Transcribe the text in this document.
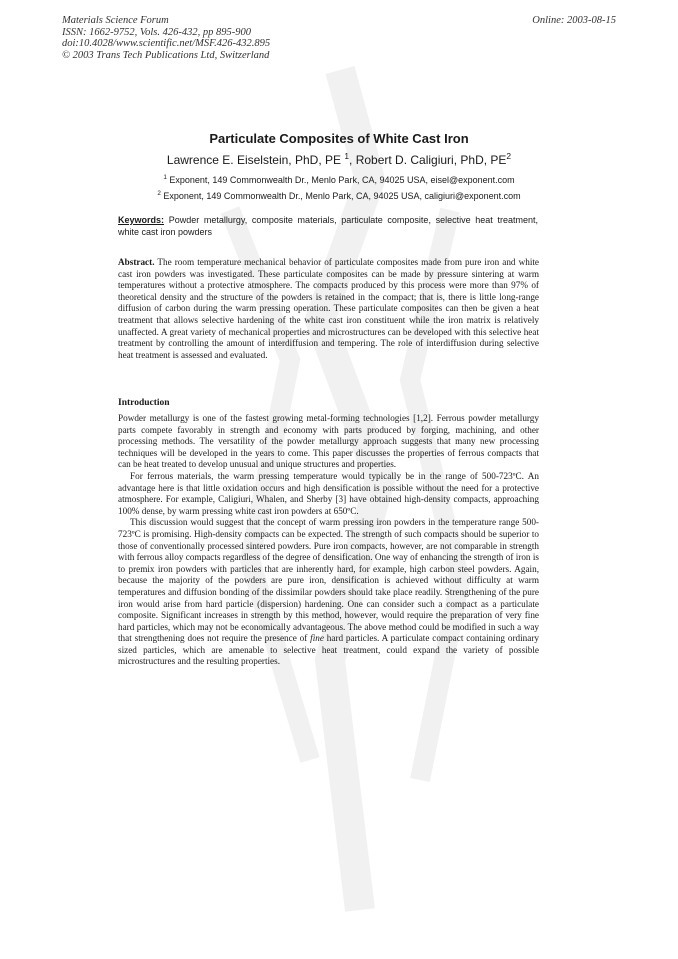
Materials Science Forum
ISSN: 1662-9752, Vols. 426-432, pp 895-900
doi:10.4028/www.scientific.net/MSF.426-432.895
© 2003 Trans Tech Publications Ltd, Switzerland
Online: 2003-08-15
Particulate Composites of White Cast Iron
Lawrence E. Eiselstein, PhD, PE $^1$, Robert D. Caligiuri, PhD, $PE^2$
$^1$ Exponent, 149 Commonwealth Dr., Menlo Park, CA, 94025 USA, eisel@exponent.com
$^2$ Exponent, 149 Commonwealth Dr., Menlo Park, CA, 94025 USA, caligiuri@exponent.com
Keywords: Powder metallurgy, composite materials, particulate composite, selective heat treatment, white cast iron powders

Abstract. The room temperature mechanical behavior of particulate composites made from pure iron and white cast iron powders was investigated. These particulate composites can be made by pressure sintering at warm temperatures without a protective atmosphere. The compacts produced by this process were more than 97% of theoretical density and the structure of the powders is retained in the compact; that is, there is little long-range diffusion of carbon during the warm pressing operation. These particulate composites can then be given a heat treatment that allows selective hardening of the white cast iron constituent while the iron matrix is relatively unaffected. A great variety of mechanical properties and microstructures can be developed with this selective heat treatment by controlling the amount of interdiffusion and tempering. The role of interdiffusion during selective heat treatment is assessed and evaluated.

Introduction

Powder metallurgy is one of the fastest growing metal-forming technologies [1,2]. Ferrous powder metallurgy parts compete favorably in strength and economy with parts produced by forging, machining, and other processing methods. The versatility of the powder metallurgy approach suggests that many new processing techniques will be developed in the years to come. This paper discusses the properties of ferrous compacts that can be heat treated to develop unusual and unique structures and properties.

For ferrous materials, the warm pressing temperature would typically be in the range of 500-723ºC. An advantage here is that little oxidation occurs and high densification is possible without the need for a protective atmosphere. For example, Caligiuri, Whalen, and Sherby [3] have obtained high-density compacts, approaching 100% dense, by warm pressing white cast iron powders at 650ºC.

This discussion would suggest that the concept of warm pressing iron powders in the temperature range 500-723ºC is promising. High-density compacts can be expected. The strength of such compacts should be superior to those of conventionally processed sintered powders. Pure iron compacts, however, are not comparable in strength with ferrous alloy compacts regardless of the degree of densification. One way of enhancing the strength of iron is to premix iron powders with particles that are inherently hard, for example, high carbon steel powders. Again, because the majority of the powders are pure iron, densification is achieved without difficulty at warm temperatures and diffusion bonding of the dissimilar powders should take place readily. Strengthening of the pure iron would arise from hard particle (dispersion) hardening. One can consider such a compact as a particulate composite. Significant increases in strength by this method, however, would require the preparation of very fine hard particles, which may not be economically advantageous. The above method could be modified in such a way that strengthening does not require the presence of fine hard particles. A particulate compact containing ordinary sized particles, which are amenable to selective heat treatment, could expand the variety of possible microstructures and the resulting properties.
